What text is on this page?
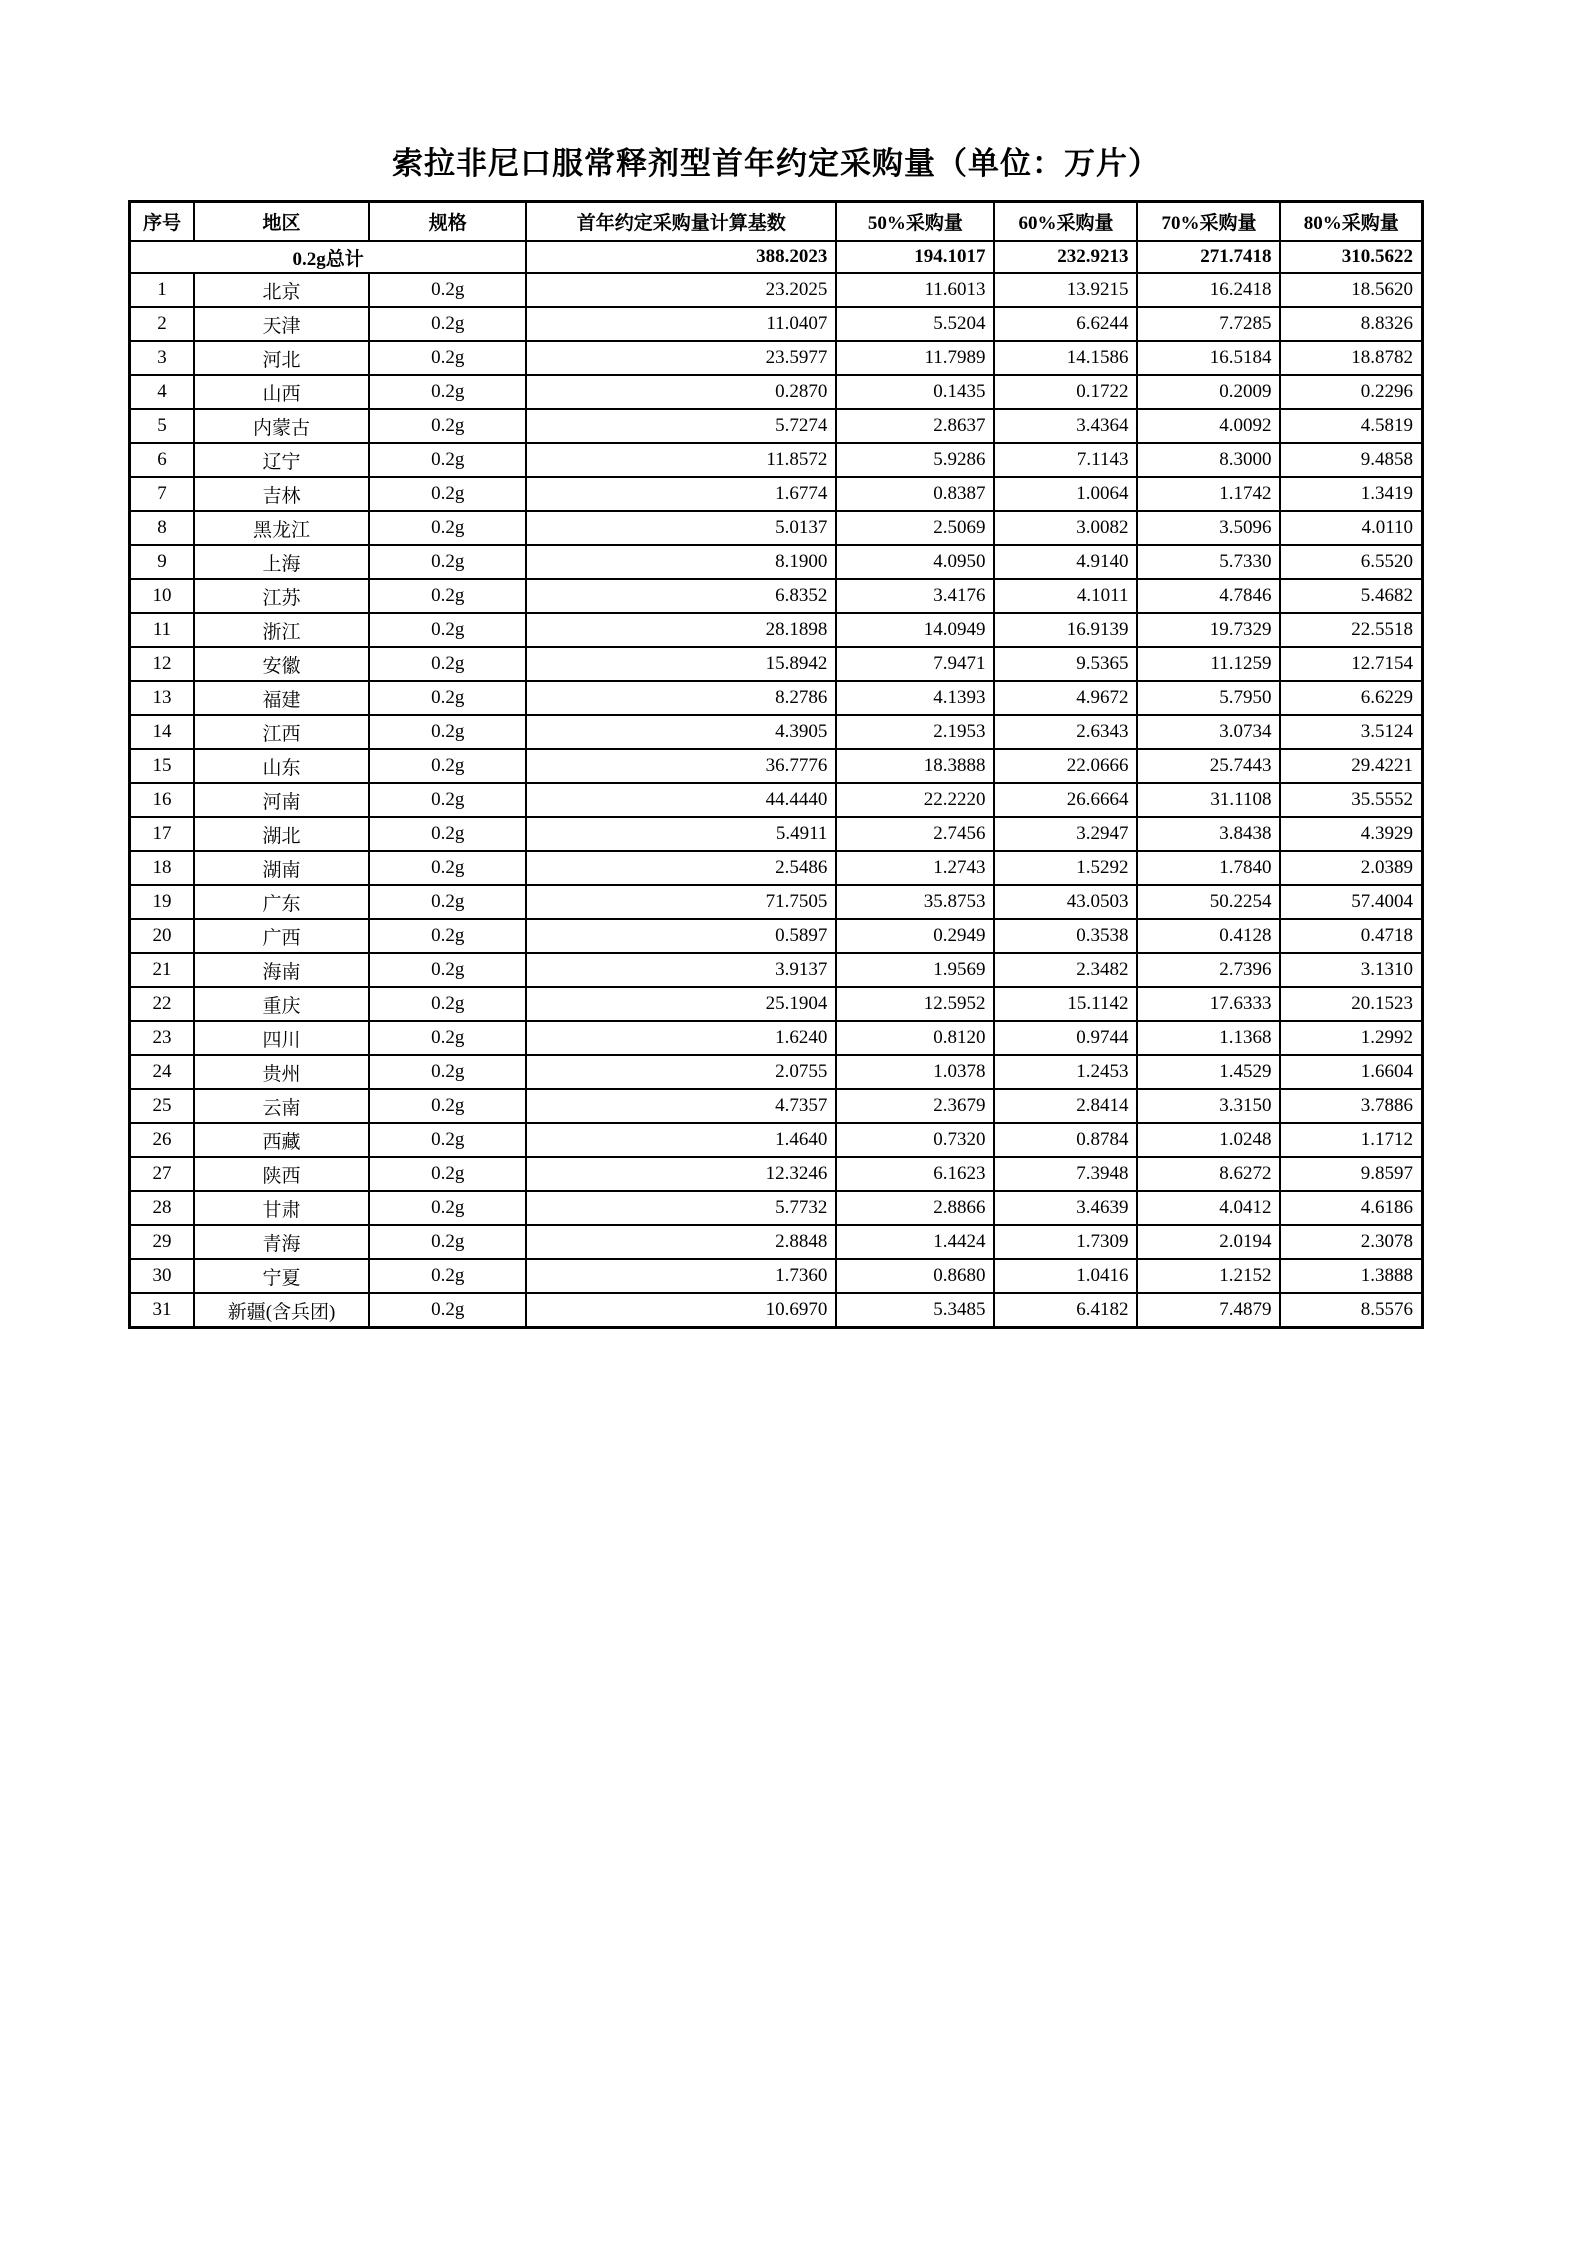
索拉非尼口服常释剂型首年约定采购量（单位：万片）
序号	地区	规格	首年约定采购量计算基数	50%采购量	60%采购量	70%采购量	80%采购量
0.2g总计			388.2023	194.1017	232.9213	271.7418	310.5622
1	北京	0.2g	23.2025	11.6013	13.9215	16.2418	18.5620
2	天津	0.2g	11.0407	5.5204	6.6244	7.7285	8.8326
3	河北	0.2g	23.5977	11.7989	14.1586	16.5184	18.8782
4	山西	0.2g	0.2870	0.1435	0.1722	0.2009	0.2296
5	内蒙古	0.2g	5.7274	2.8637	3.4364	4.0092	4.5819
6	辽宁	0.2g	11.8572	5.9286	7.1143	8.3000	9.4858
7	吉林	0.2g	1.6774	0.8387	1.0064	1.1742	1.3419
8	黑龙江	0.2g	5.0137	2.5069	3.0082	3.5096	4.0110
9	上海	0.2g	8.1900	4.0950	4.9140	5.7330	6.5520
10	江苏	0.2g	6.8352	3.4176	4.1011	4.7846	5.4682
11	浙江	0.2g	28.1898	14.0949	16.9139	19.7329	22.5518
12	安徽	0.2g	15.8942	7.9471	9.5365	11.1259	12.7154
13	福建	0.2g	8.2786	4.1393	4.9672	5.7950	6.6229
14	江西	0.2g	4.3905	2.1953	2.6343	3.0734	3.5124
15	山东	0.2g	36.7776	18.3888	22.0666	25.7443	29.4221
16	河南	0.2g	44.4440	22.2220	26.6664	31.1108	35.5552
17	湖北	0.2g	5.4911	2.7456	3.2947	3.8438	4.3929
18	湖南	0.2g	2.5486	1.2743	1.5292	1.7840	2.0389
19	广东	0.2g	71.7505	35.8753	43.0503	50.2254	57.4004
20	广西	0.2g	0.5897	0.2949	0.3538	0.4128	0.4718
21	海南	0.2g	3.9137	1.9569	2.3482	2.7396	3.1310
22	重庆	0.2g	25.1904	12.5952	15.1142	17.6333	20.1523
23	四川	0.2g	1.6240	0.8120	0.9744	1.1368	1.2992
24	贵州	0.2g	2.0755	1.0378	1.2453	1.4529	1.6604
25	云南	0.2g	4.7357	2.3679	2.8414	3.3150	3.7886
26	西藏	0.2g	1.4640	0.7320	0.8784	1.0248	1.1712
27	陕西	0.2g	12.3246	6.1623	7.3948	8.6272	9.8597
28	甘肃	0.2g	5.7732	2.8866	3.4639	4.0412	4.6186
29	青海	0.2g	2.8848	1.4424	1.7309	2.0194	2.3078
30	宁夏	0.2g	1.7360	0.8680	1.0416	1.2152	1.3888
31	新疆(含兵团)	0.2g	10.6970	5.3485	6.4182	7.4879	8.5576
